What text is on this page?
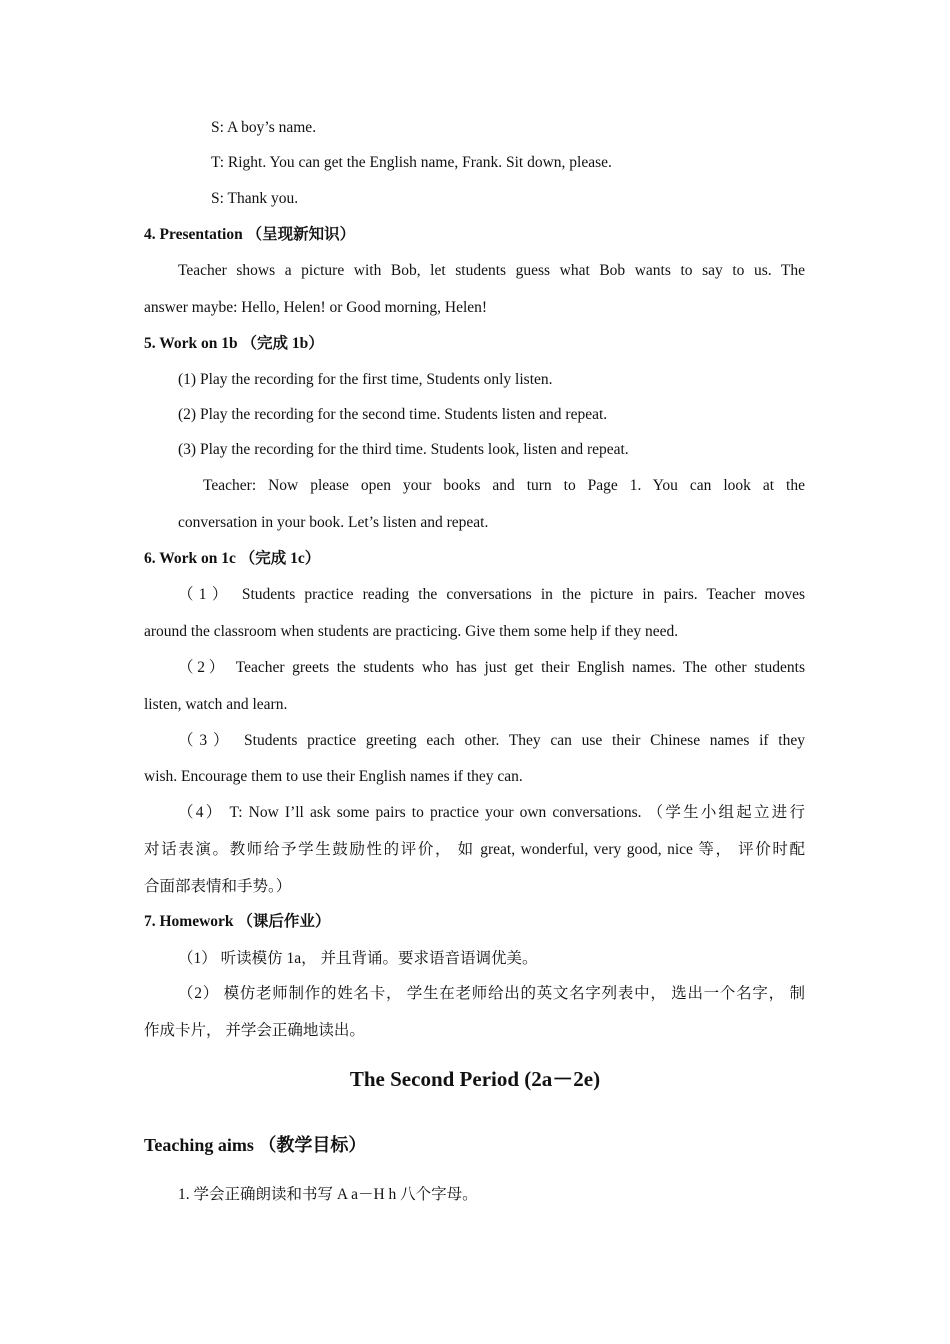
S: A boy’s name.
T: Right. You can get the English name, Frank. Sit down, please.
S: Thank you.
4. Presentation （呈现新知识）
Teacher shows a picture with Bob, let students guess what Bob wants to say to us. The
answer maybe: Hello, Helen! or Good morning, Helen!
5. Work on 1b （完成 1b）
(1) Play the recording for the first time, Students only listen.
(2) Play the recording for the second time. Students listen and repeat.
(3) Play the recording for the third time. Students look, listen and repeat.
Teacher: Now please open your books and turn to Page 1. You can look at the
conversation in your book. Let’s listen and repeat.
6. Work on 1c （完成 1c）
（1） Students practice reading the conversations in the picture in pairs. Teacher moves
around the classroom when students are practicing. Give them some help if they need.
（2） Teacher greets the students who has just get their English names. The other students
listen, watch and learn.
（3） Students practice greeting each other. They can use their Chinese names if they
wish. Encourage them to use their English names if they can.
（4） T: Now I’ll ask some pairs to practice your own conversations. （学生小组起立进行
对话表演。教师给予学生鼓励性的评价， 如 great, wonderful, very good, nice 等， 评价时配
合面部表情和手势。）
7. Homework （课后作业）
（1） 听读模仿 1a， 并且背诵。要求语音语调优美。
（2） 模仿老师制作的姓名卡， 学生在老师给出的英文名字列表中， 选出一个名字， 制
作成卡片， 并学会正确地读出。
The Second Period (2a－2e)
Teaching aims （教学目标）
1. 学会正确朗读和书写 A a－H h 八个字母。
